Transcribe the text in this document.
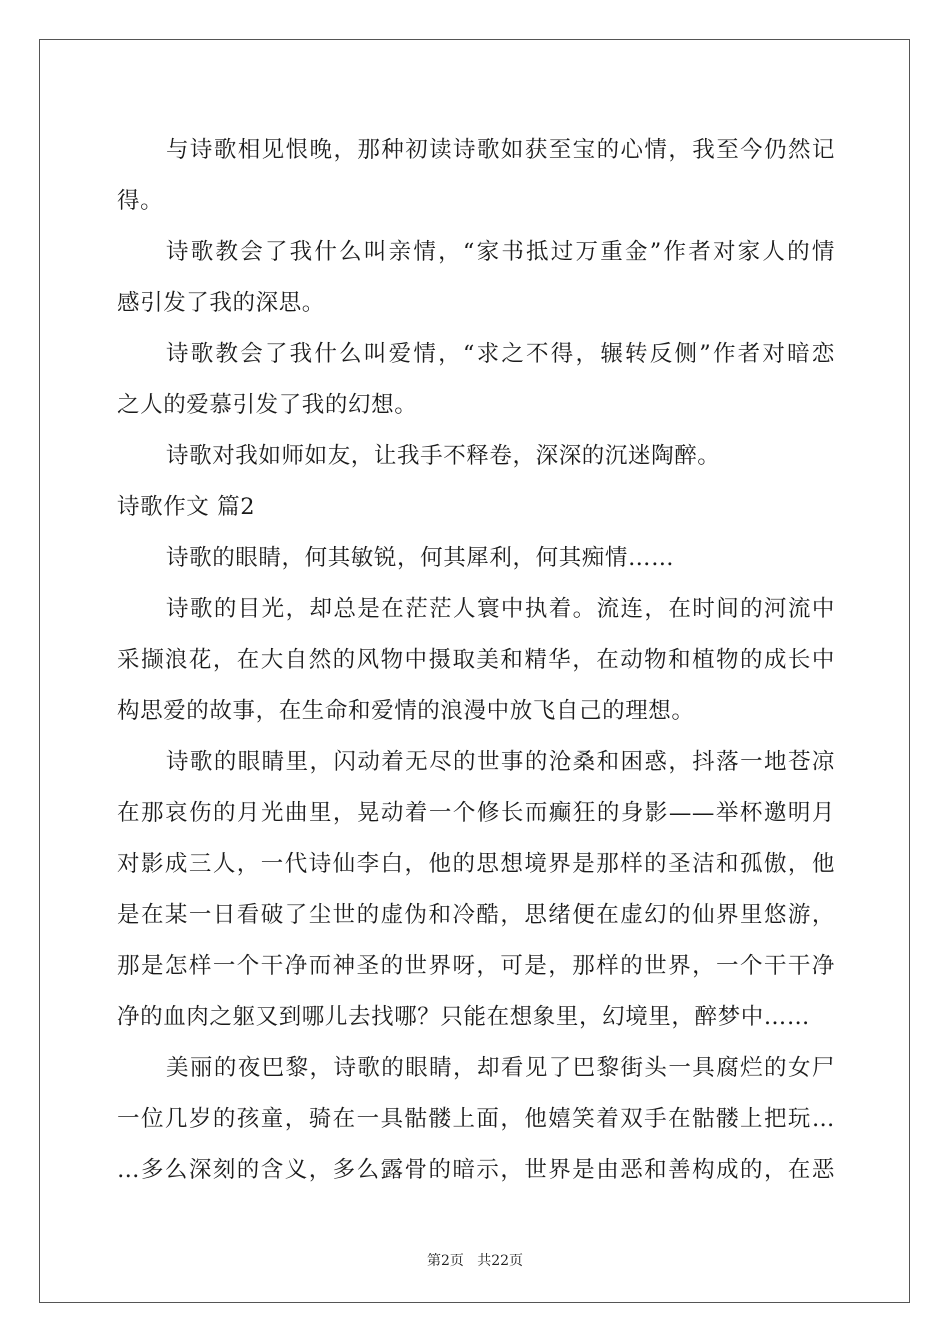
与诗歌相见恨晚，那种初读诗歌如获至宝的心情，我至今仍然记
得。
诗歌教会了我什么叫亲情，“家书抵过万重金”作者对家人的情
感引发了我的深思。
诗歌教会了我什么叫爱情，“求之不得，辗转反侧”作者对暗恋
之人的爱慕引发了我的幻想。
诗歌对我如师如友，让我手不释卷，深深的沉迷陶醉。
诗歌作文 篇2
诗歌的眼睛，何其敏锐，何其犀利，何其痴情……
诗歌的目光，却总是在茫茫人寰中执着。流连，在时间的河流中
采撷浪花，在大自然的风物中摄取美和精华，在动物和植物的成长中
构思爱的故事，在生命和爱情的浪漫中放飞自己的理想。
诗歌的眼睛里，闪动着无尽的世事的沧桑和困惑，抖落一地苍凉
在那哀伤的月光曲里，晃动着一个修长而癫狂的身影——举杯邀明月
对影成三人，一代诗仙李白，他的思想境界是那样的圣洁和孤傲，他
是在某一日看破了尘世的虚伪和冷酷，思绪便在虚幻的仙界里悠游，
那是怎样一个干净而神圣的世界呀，可是，那样的世界，一个干干净
净的血肉之躯又到哪儿去找哪？只能在想象里，幻境里，醉梦中……
美丽的夜巴黎，诗歌的眼睛，却看见了巴黎街头一具腐烂的女尸
一位几岁的孩童，骑在一具骷髅上面，他嬉笑着双手在骷髅上把玩…
…多么深刻的含义，多么露骨的暗示，世界是由恶和善构成的，在恶
第2页   共22页
